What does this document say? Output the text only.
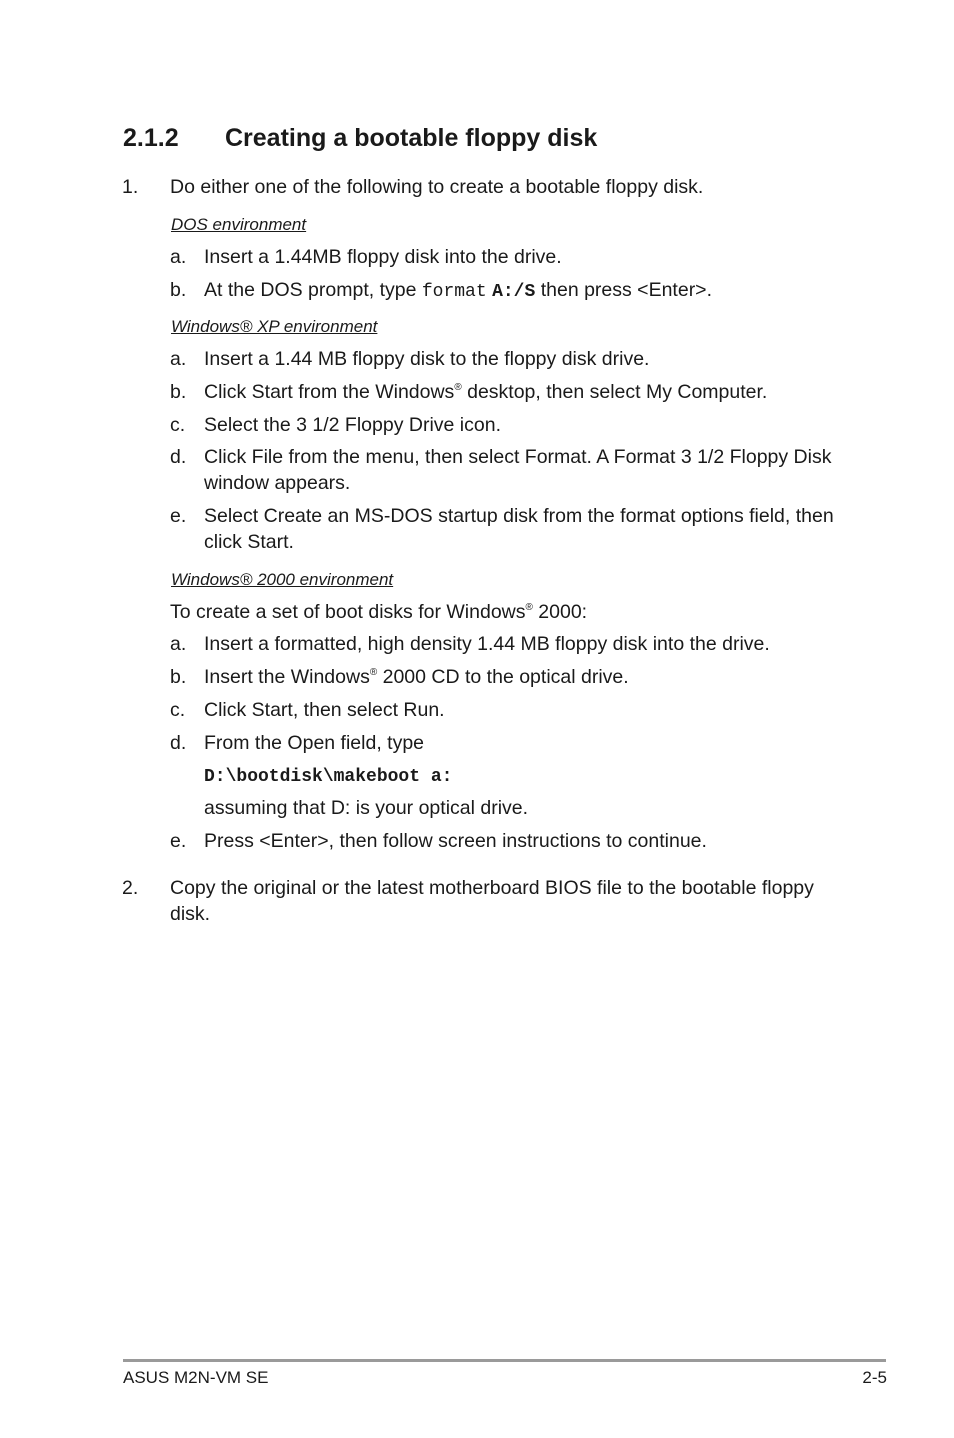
2.1.2 Creating a bootable floppy disk
1. Do either one of the following to create a bootable floppy disk.
DOS environment
a. Insert a 1.44MB floppy disk into the drive.
b. At the DOS prompt, type format A:/S then press <Enter>.
Windows® XP environment
a. Insert a 1.44 MB floppy disk to the floppy disk drive.
b. Click Start from the Windows® desktop, then select My Computer.
c. Select the 3 1/2 Floppy Drive icon.
d. Click File from the menu, then select Format. A Format 3 1/2 Floppy Disk
window appears.
e. Select Create an MS-DOS startup disk from the format options field, then
click Start.
Windows® 2000 environment
To create a set of boot disks for Windows® 2000:
a. Insert a formatted, high density 1.44 MB floppy disk into the drive.
b. Insert the Windows® 2000 CD to the optical drive.
c. Click Start, then select Run.
d. From the Open field, type
D:\bootdisk\makeboot a:
assuming that D: is your optical drive.
e. Press <Enter>, then follow screen instructions to continue.
2. Copy the original or the latest motherboard BIOS file to the bootable floppy
disk.
ASUS M2N-VM SE	2-5
